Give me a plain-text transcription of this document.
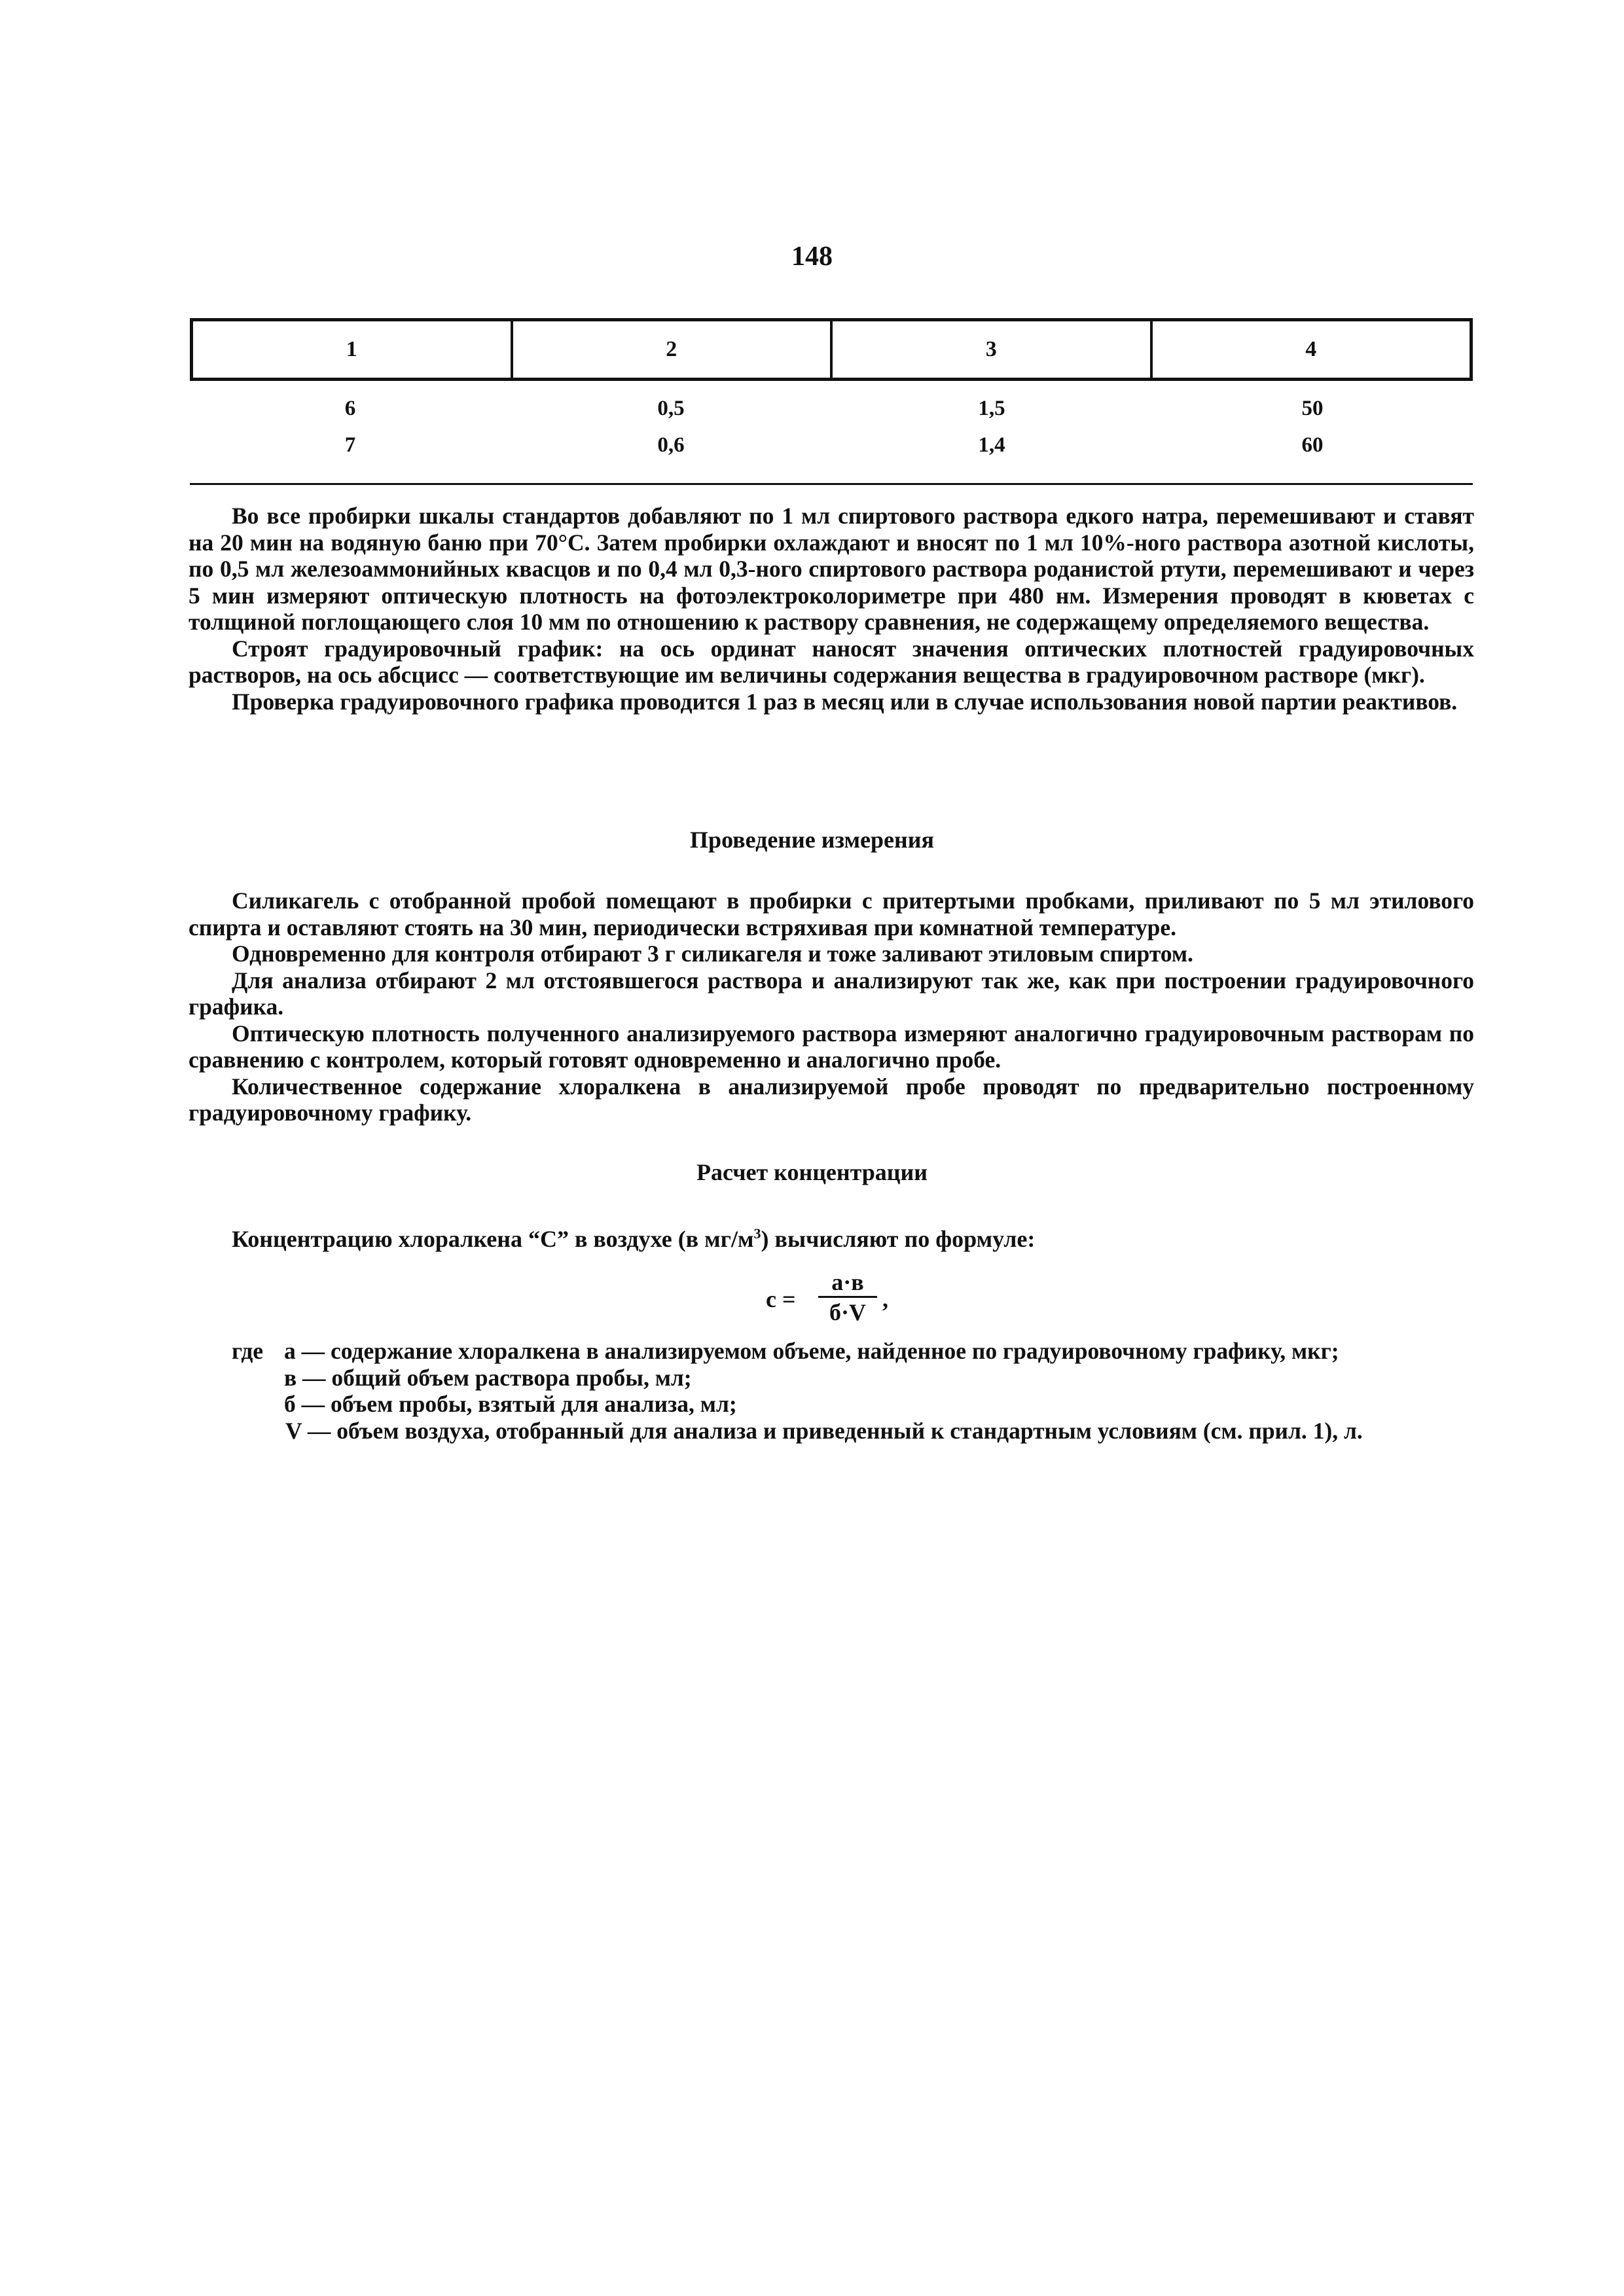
148
1	2	3	4
6	0,5	1,5	50
7	0,6	1,4	60

Во все пробирки шкалы стандартов добавляют по 1 мл спиртового раствора едкого натра, перемешивают и ставят на 20 мин на водяную баню при 70°С. Затем пробирки охлаждают и вносят по 1 мл 10%-ного раствора азотной кислоты, по 0,5 мл железоаммонийных квасцов и по 0,4 мл 0,3-ного спиртового раствора роданистой ртути, перемешивают и через 5 мин измеряют оптическую плотность на фотоэлектроколориметре при 480 нм. Измерения проводят в кюветах с толщиной поглощающего слоя 10 мм по отношению к раствору сравнения, не содержащему определяемого вещества.

Строят градуировочный график: на ось ординат наносят значения оптических плотностей градуировочных растворов, на ось абсцисс — соответствующие им величины содержания вещества в градуировочном растворе (мкг).

Проверка градуировочного графика проводится 1 раз в месяц или в случае использования новой партии реактивов.

Проведение измерения

Силикагель с отобранной пробой помещают в пробирки с притертыми пробками, приливают по 5 мл этилового спирта и оставляют стоять на 30 мин, периодически встряхивая при комнатной температуре.

Одновременно для контроля отбирают 3 г силикагеля и тоже заливают этиловым спиртом.

Для анализа отбирают 2 мл отстоявшегося раствора и анализируют так же, как при построении градуировочного графика.

Оптическую плотность полученного анализируемого раствора измеряют аналогично градуировочным растворам по сравнению с контролем, который готовят одновременно и аналогично пробе.

Количественное содержание хлоралкена в анализируемой пробе проводят по предварительно построенному градуировочному графику.

Расчет концентрации
Концентрацию хлоралкена “С” в воздухе (в $мг/м^3$) вычисляют по формуле:
с =
а·в
б·V ,
где а — содержание хлоралкена в анализируемом объеме, найденное по градуировочному графику, мкг;
в — общий объем раствора пробы, мл;
б — объем пробы, взятый для анализа, мл;
V — объем воздуха, отобранный для анализа и приведенный к стандартным условиям (см. прил. 1), л.
